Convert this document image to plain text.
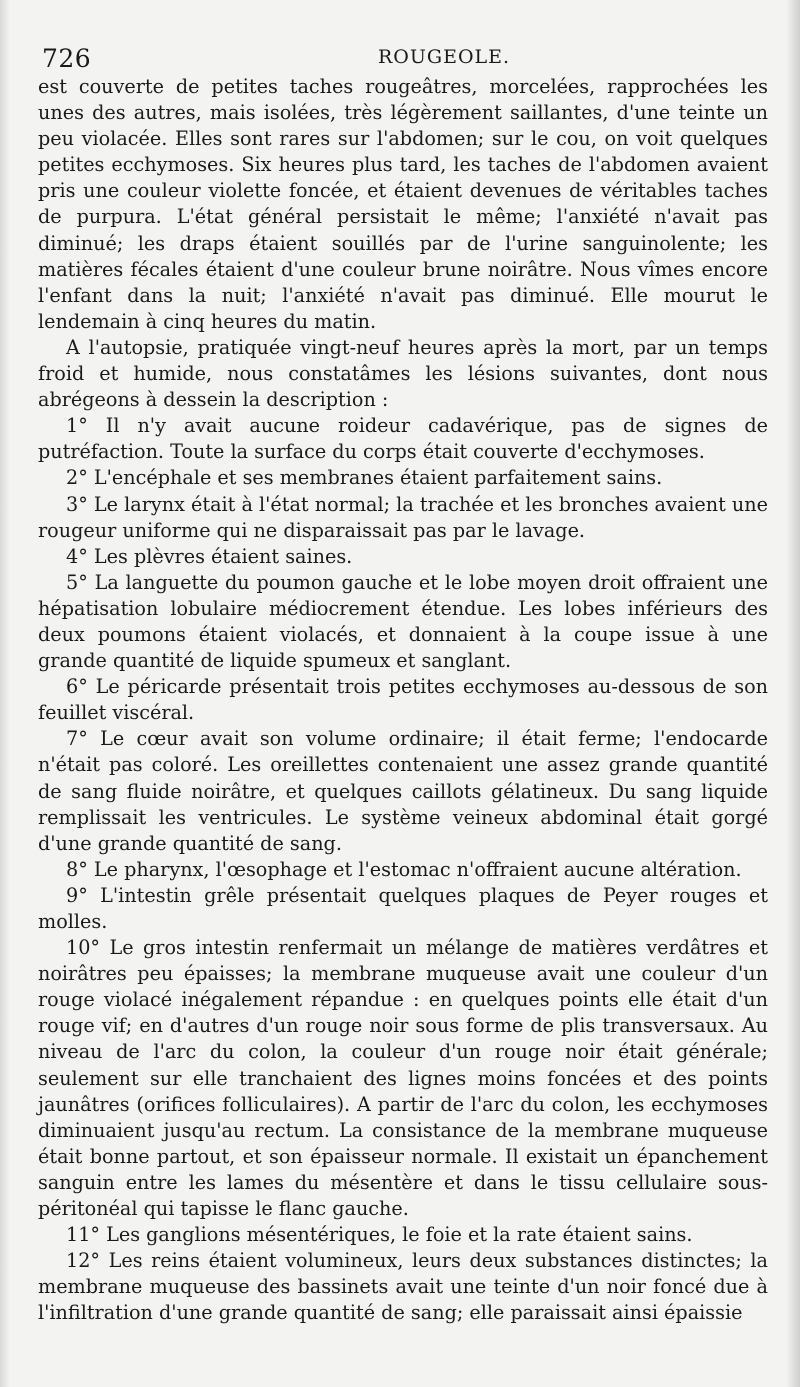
726	ROUGEOLE.

est couverte de petites taches rougeâtres, morcelées, rapprochées les unes des autres, mais isolées, très légèrement saillantes, d'une teinte un peu violacée. Elles sont rares sur l'abdomen; sur le cou, on voit quelques petites ecchymoses. Six heures plus tard, les taches de l'abdomen avaient pris une couleur violette foncée, et étaient devenues de véritables taches de purpura. L'état général persistait le même; l'anxiété n'avait pas diminué; les draps étaient souillés par de l'urine sanguinolente; les matières fécales étaient d'une couleur brune noirâtre. Nous vîmes encore l'enfant dans la nuit; l'anxiété n'avait pas diminué. Elle mourut le lendemain à cinq heures du matin.

A l'autopsie, pratiquée vingt-neuf heures après la mort, par un temps froid et humide, nous constatâmes les lésions suivantes, dont nous abrégeons à dessein la description :

1° Il n'y avait aucune roideur cadavérique, pas de signes de putréfaction. Toute la surface du corps était couverte d'ecchymoses.

2° L'encéphale et ses membranes étaient parfaitement sains.

3° Le larynx était à l'état normal; la trachée et les bronches avaient une rougeur uniforme qui ne disparaissait pas par le lavage.

4° Les plèvres étaient saines.

5° La languette du poumon gauche et le lobe moyen droit offraient une hépatisation lobulaire médiocrement étendue. Les lobes inférieurs des deux poumons étaient violacés, et donnaient à la coupe issue à une grande quantité de liquide spumeux et sanglant.

6° Le péricarde présentait trois petites ecchymoses au-dessous de son feuillet viscéral.

7° Le cœur avait son volume ordinaire; il était ferme; l'endocarde n'était pas coloré. Les oreillettes contenaient une assez grande quantité de sang fluide noirâtre, et quelques caillots gélatineux. Du sang liquide remplissait les ventricules. Le système veineux abdominal était gorgé d'une grande quantité de sang.

8° Le pharynx, l'œsophage et l'estomac n'offraient aucune altération.

9° L'intestin grêle présentait quelques plaques de Peyer rouges et molles.

10° Le gros intestin renfermait un mélange de matières verdâtres et noirâtres peu épaisses; la membrane muqueuse avait une couleur d'un rouge violacé inégalement répandue : en quelques points elle était d'un rouge vif; en d'autres d'un rouge noir sous forme de plis transversaux. Au niveau de l'arc du colon, la couleur d'un rouge noir était générale; seulement sur elle tranchaient des lignes moins foncées et des points jaunâtres (orifices folliculaires). A partir de l'arc du colon, les ecchymoses diminuaient jusqu'au rectum. La consistance de la membrane muqueuse était bonne partout, et son épaisseur normale. Il existait un épanchement sanguin entre les lames du mésentère et dans le tissu cellulaire sous-péritonéal qui tapisse le flanc gauche.

11° Les ganglions mésentériques, le foie et la rate étaient sains.

12° Les reins étaient volumineux, leurs deux substances distinctes; la membrane muqueuse des bassinets avait une teinte d'un noir foncé due à l'infiltration d'une grande quantité de sang; elle paraissait ainsi épaissie
